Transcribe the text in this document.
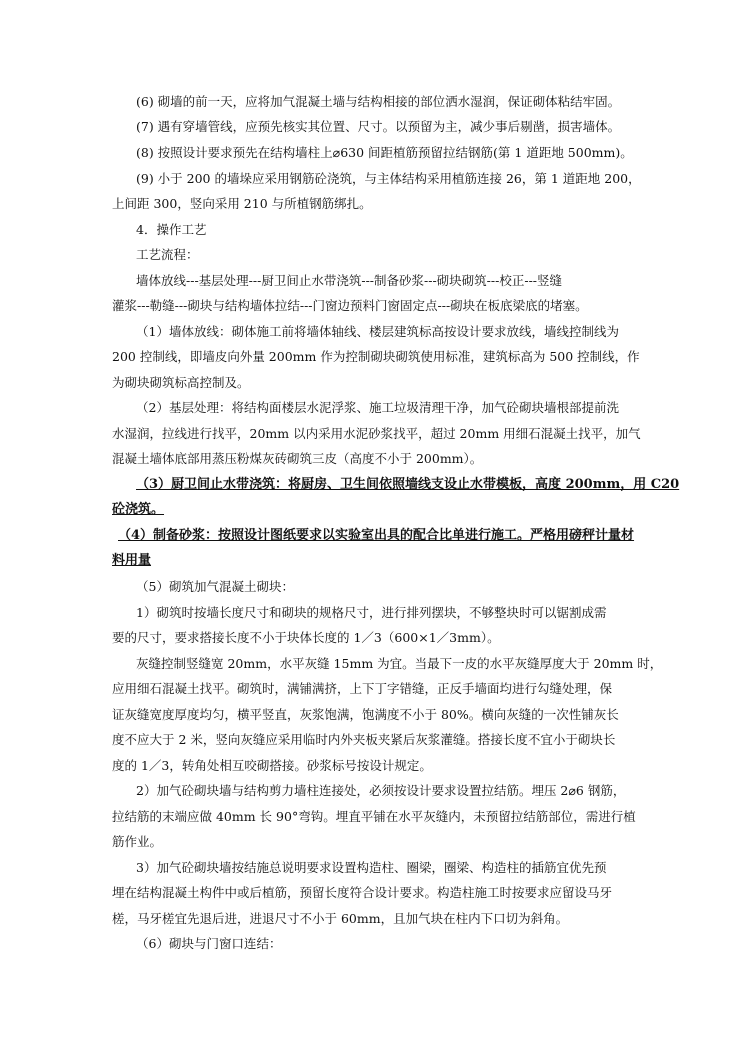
(6) 砌墙的前一天，应将加气混凝土墙与结构相接的部位洒水湿润，保证砌体粘结牢固。
(7) 遇有穿墙管线，应预先核实其位置、尺寸。以预留为主，减少事后剔凿，损害墙体。
(8) 按照设计要求预先在结构墙柱上⌀630 间距植筋预留拉结钢筋(第 1 道距地 500mm)。
(9) 小于 200 的墙垛应采用钢筋砼浇筑，与主体结构采用植筋连接 26，第 1 道距地 200，
上间距 300，竖向采用 210 与所植钢筋绑扎。
4．操作工艺
工艺流程：
墙体放线---基层处理---厨卫间止水带浇筑---制备砂浆---砌块砌筑---校正---竖缝
灌浆---勒缝---砌块与结构墙体拉结---门窗边预料门窗固定点---砌块在板底梁底的堵塞。
（1）墙体放线：砌体施工前将墙体轴线、楼层建筑标高按设计要求放线，墙线控制线为
200 控制线，即墙皮向外量 200mm 作为控制砌块砌筑使用标准，建筑标高为 500 控制线，作
为砌块砌筑标高控制及。
（2）基层处理：将结构面楼层水泥浮浆、施工垃圾清理干净，加气砼砌块墙根部提前洗
水湿润，拉线进行找平，20mm 以内采用水泥砂浆找平，超过 20mm 用细石混凝土找平，加气
混凝土墙体底部用蒸压粉煤灰砖砌筑三皮（高度不小于 200mm）。
（3）厨卫间止水带浇筑：将厨房、卫生间依照墙线支设止水带模板，高度 200mm，用 C20
砼浇筑。
（4）制备砂浆：按照设计图纸要求以实验室出具的配合比单进行施工。严格用磅秤计量材
料用量
（5）砌筑加气混凝土砌块：
1）砌筑时按墙长度尺寸和砌块的规格尺寸，进行排列摆块，不够整块时可以锯割成需
要的尺寸，要求搭接长度不小于块体长度的 1／3（600×1／3mm）。
灰缝控制竖缝宽 20mm，水平灰缝 15mm 为宜。当最下一皮的水平灰缝厚度大于 20mm 时，
应用细石混凝土找平。砌筑时，满铺满挤，上下丁字错缝，正反手墙面均进行勾缝处理，保
证灰缝宽度厚度均匀，横平竖直，灰浆饱满，饱满度不小于 80%。横向灰缝的一次性铺灰长
度不应大于 2 米，竖向灰缝应采用临时内外夹板夹紧后灰浆灌缝。搭接长度不宜小于砌块长
度的 1／3，转角处相互咬砌搭接。砂浆标号按设计规定。
2）加气砼砌块墙与结构剪力墙柱连接处，必须按设计要求设置拉结筋。埋压 2⌀6 钢筋，
拉结筋的末端应做 40mm 长 90°弯钩。埋直平铺在水平灰缝内，未预留拉结筋部位，需进行植
筋作业。
3）加气砼砌块墙按结施总说明要求设置构造柱、圈梁，圈梁、构造柱的插筋宜优先预
埋在结构混凝土构件中或后植筋，预留长度符合设计要求。构造柱施工时按要求应留设马牙
槎，马牙槎宜先退后进，进退尺寸不小于 60mm，且加气块在柱内下口切为斜角。
（6）砌块与门窗口连结：
